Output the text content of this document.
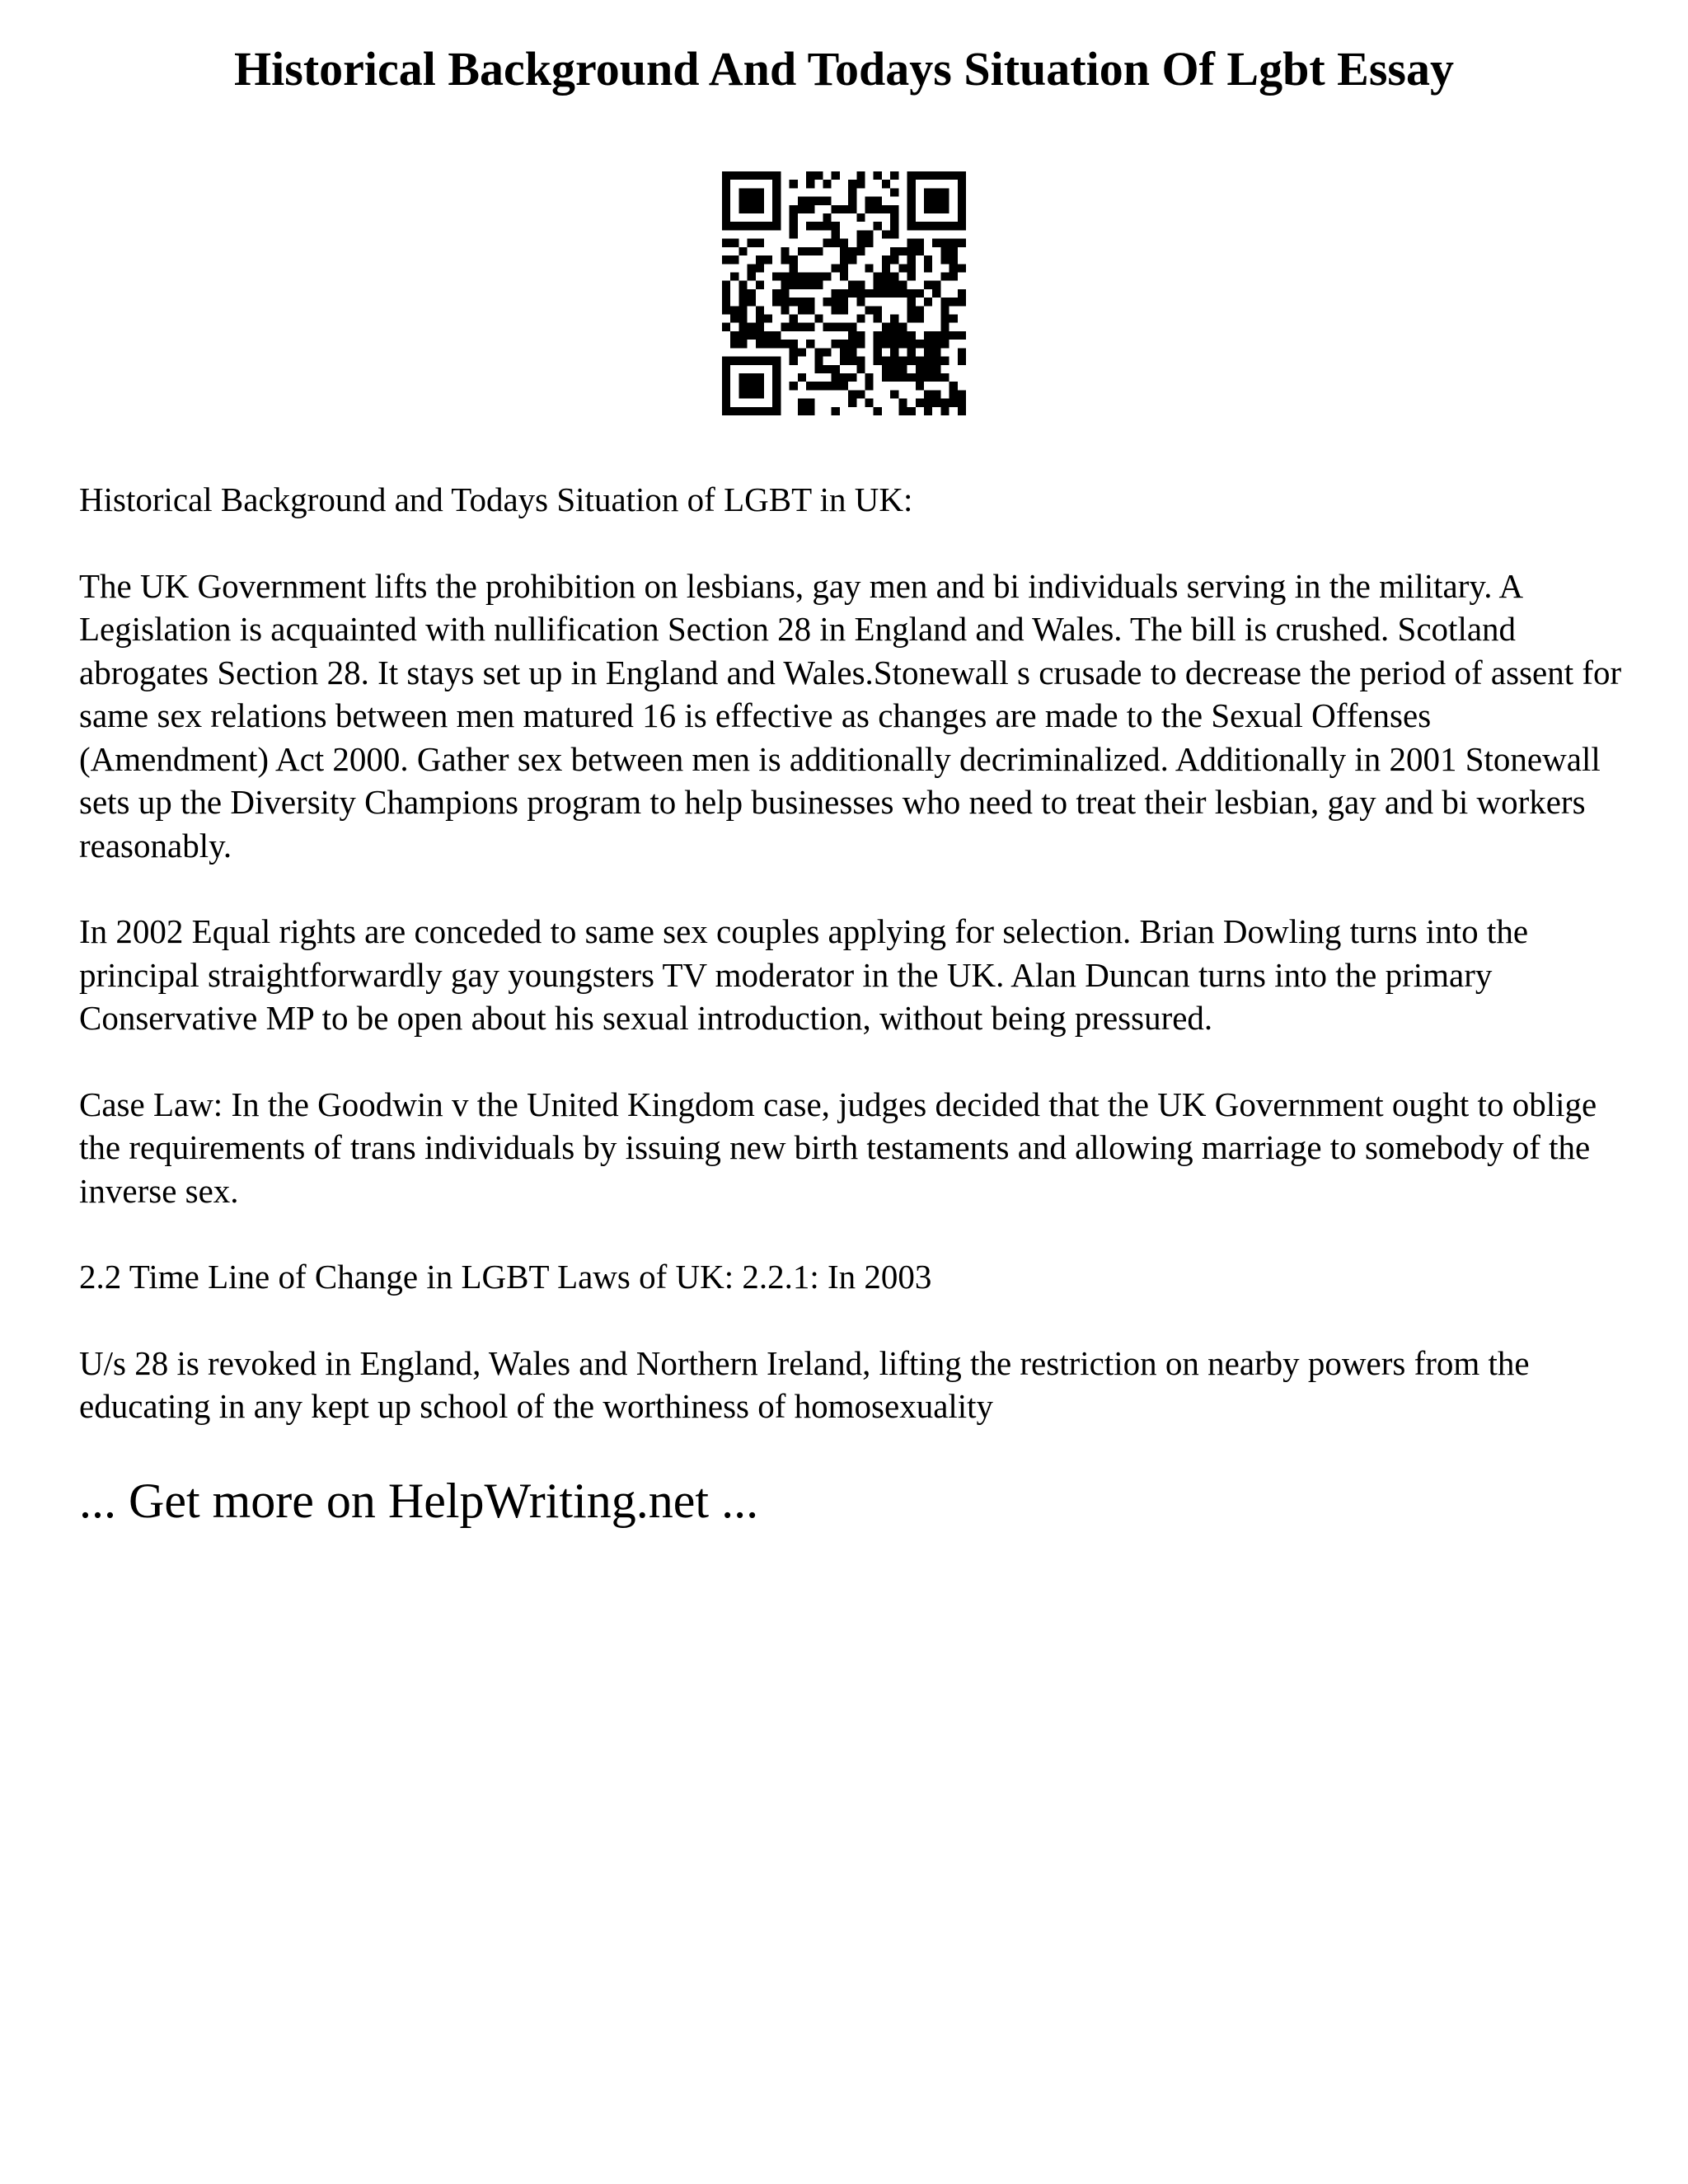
Historical Background And Todays Situation Of Lgbt Essay

Historical Background and Todays Situation of LGBT in UK:

The UK Government lifts the prohibition on lesbians, gay men and bi individuals serving in the military. A Legislation is acquainted with nullification Section 28 in England and Wales. The bill is crushed. Scotland abrogates Section 28. It stays set up in England and Wales.Stonewall s crusade to decrease the period of assent for same sex relations between men matured 16 is effective as changes are made to the Sexual Offenses (Amendment) Act 2000. Gather sex between men is additionally decriminalized. Additionally in 2001 Stonewall sets up the Diversity Champions program to help businesses who need to treat their lesbian, gay and bi workers reasonably.

In 2002 Equal rights are conceded to same sex couples applying for selection. Brian Dowling turns into the principal straightforwardly gay youngsters TV moderator in the UK. Alan Duncan turns into the primary Conservative MP to be open about his sexual introduction, without being pressured.

Case Law: In the Goodwin v the United Kingdom case, judges decided that the UK Government ought to oblige the requirements of trans individuals by issuing new birth testaments and allowing marriage to somebody of the inverse sex.

2.2 Time Line of Change in LGBT Laws of UK: 2.2.1: In 2003

U/s 28 is revoked in England, Wales and Northern Ireland, lifting the restriction on nearby powers from the educating in any kept up school of the worthiness of homosexuality

... Get more on HelpWriting.net ...
